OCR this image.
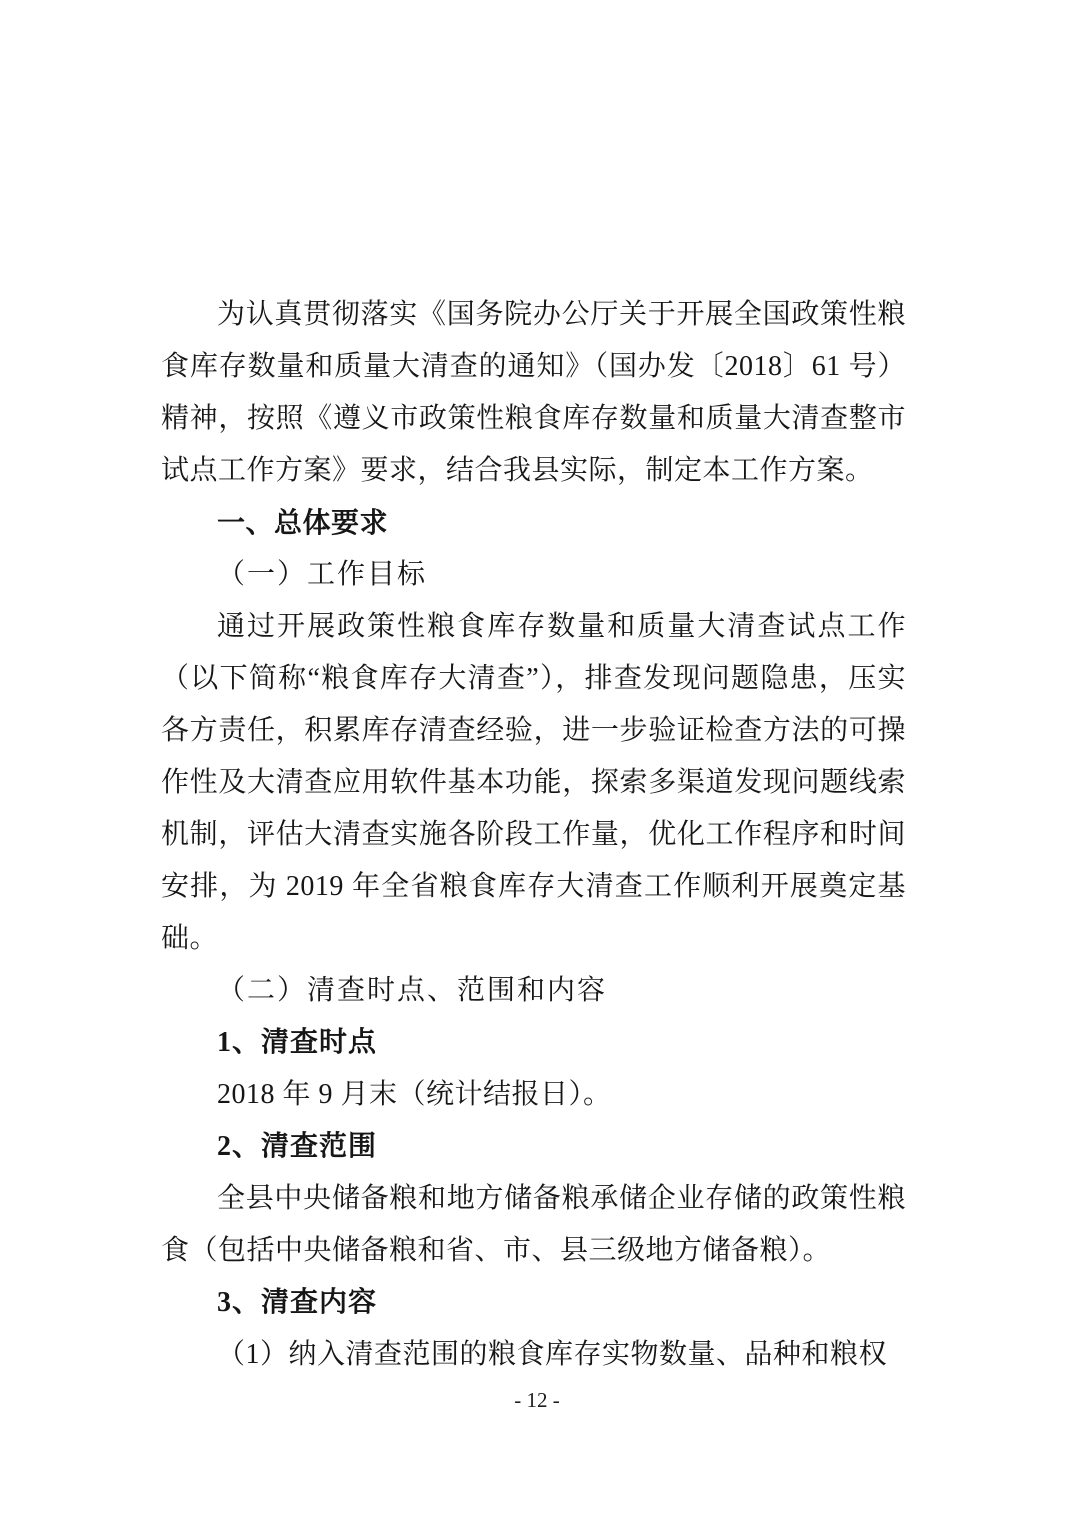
为认真贯彻落实《国务院办公厅关于开展全国政策性粮食库存数量和质量大清查的通知》（国办发〔2018〕61 号）精神，按照《遵义市政策性粮食库存数量和质量大清查整市试点工作方案》要求，结合我县实际，制定本工作方案。

一、总体要求

（一）工作目标

通过开展政策性粮食库存数量和质量大清查试点工作（以下简称“粮食库存大清查”），排查发现问题隐患，压实各方责任，积累库存清查经验，进一步验证检查方法的可操作性及大清查应用软件基本功能，探索多渠道发现问题线索机制，评估大清查实施各阶段工作量，优化工作程序和时间安排，为 2019 年全省粮食库存大清查工作顺利开展奠定基础。

（二）清查时点、范围和内容

1、清查时点

2018 年 9 月末（统计结报日）。

2、清查范围

全县中央储备粮和地方储备粮承储企业存储的政策性粮食（包括中央储备粮和省、市、县三级地方储备粮）。

3、清查内容

（1）纳入清查范围的粮食库存实物数量、品种和粮权

- 12 -
